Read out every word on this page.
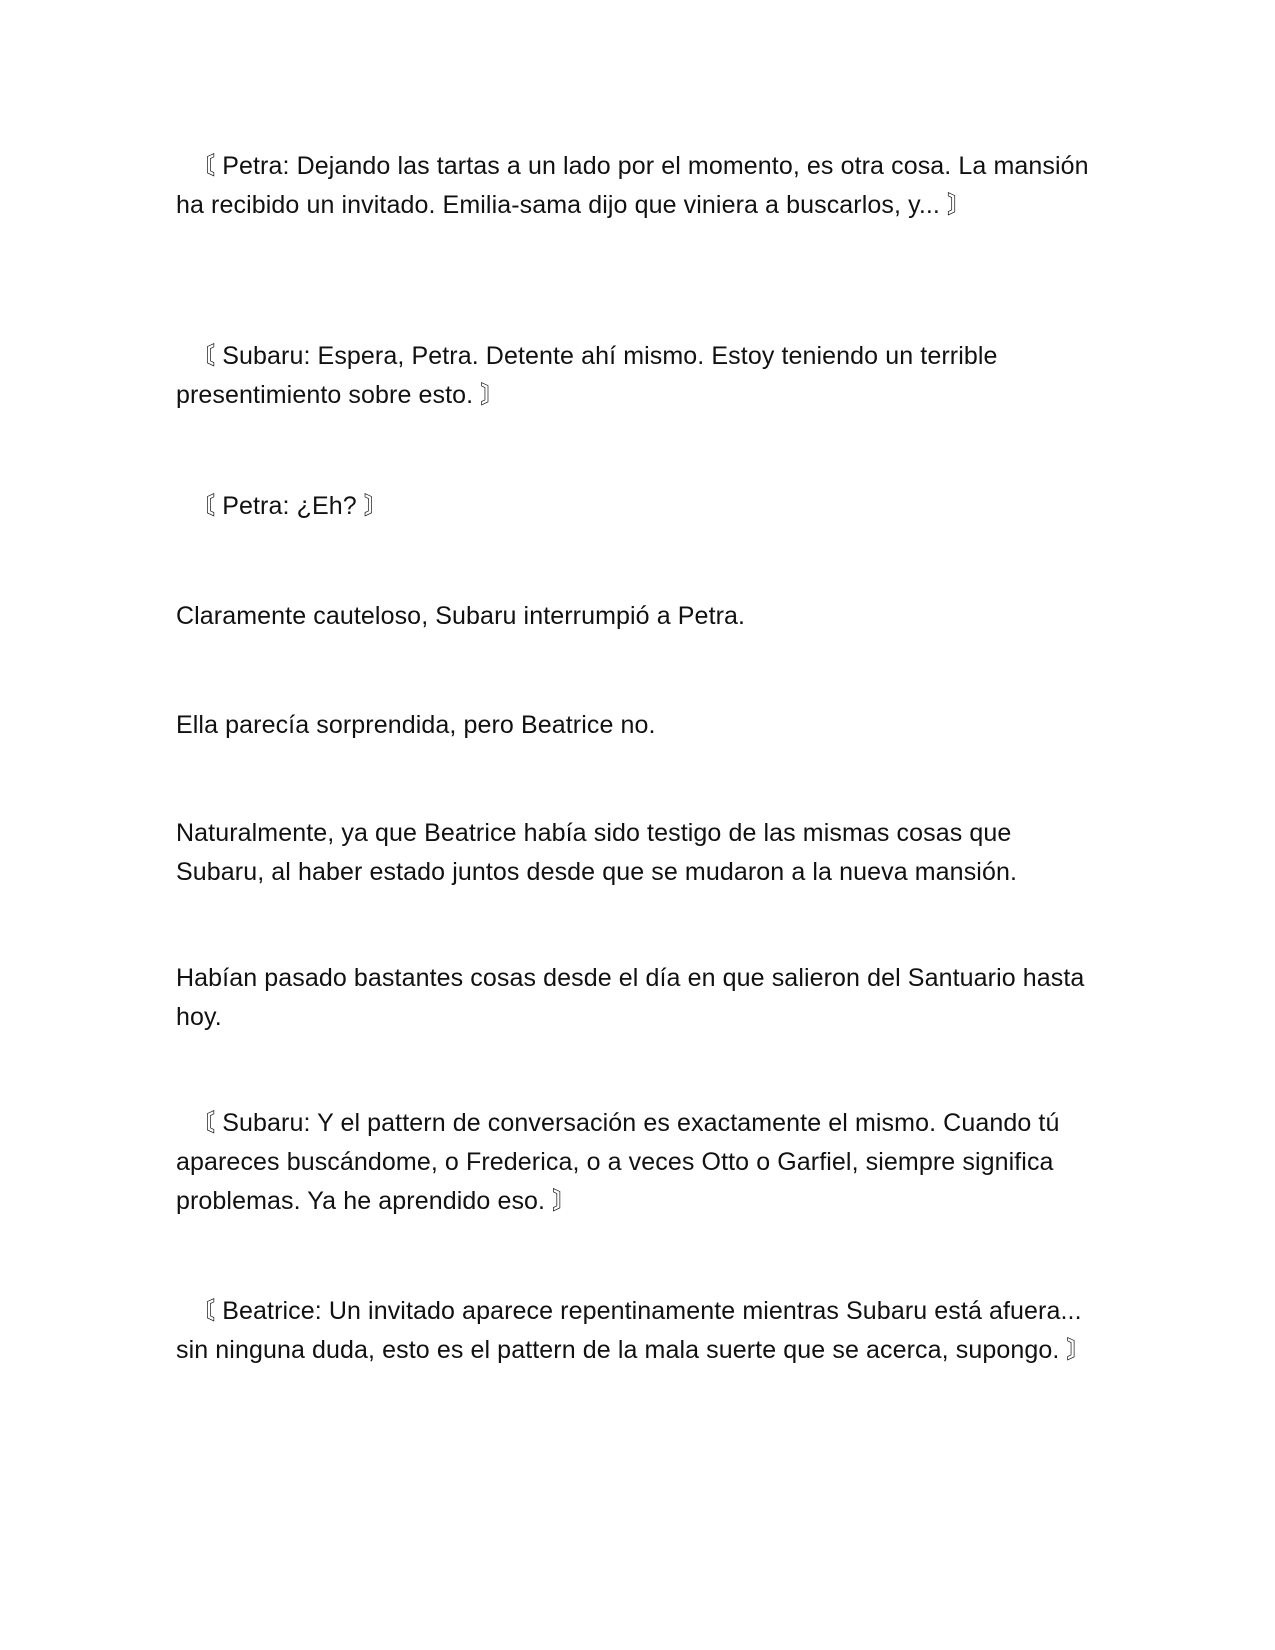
〘 Petra: Dejando las tartas a un lado por el momento, es otra cosa. La mansión ha recibido un invitado. Emilia-sama dijo que viniera a buscarlos, y... 〙

〘 Subaru: Espera, Petra. Detente ahí mismo. Estoy teniendo un terrible presentimiento sobre esto. 〙

〘 Petra: ¿Eh? 〙

Claramente cauteloso, Subaru interrumpió a Petra.

Ella parecía sorprendida, pero Beatrice no.

Naturalmente, ya que Beatrice había sido testigo de las mismas cosas que Subaru, al haber estado juntos desde que se mudaron a la nueva mansión.

Habían pasado bastantes cosas desde el día en que salieron del Santuario hasta hoy.

〘 Subaru: Y el pattern de conversación es exactamente el mismo. Cuando tú apareces buscándome, o Frederica, o a veces Otto o Garfiel, siempre significa problemas. Ya he aprendido eso. 〙

〘 Beatrice: Un invitado aparece repentinamente mientras Subaru está afuera... sin ninguna duda, esto es el pattern de la mala suerte que se acerca, supongo. 〙
